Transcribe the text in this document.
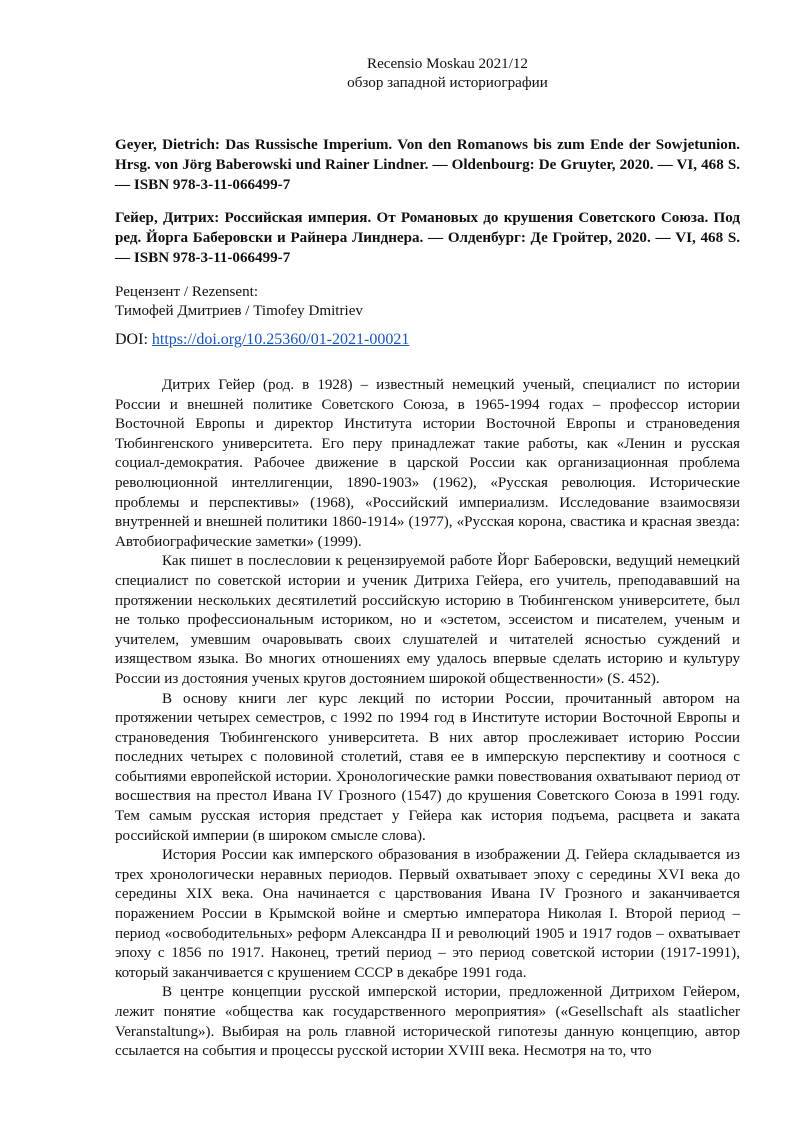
Recensio Moskau 2021/12
обзор западной историографии
Geyer, Dietrich: Das Russische Imperium. Von den Romanows bis zum Ende der Sowjetunion. Hrsg. von Jörg Baberowski und Rainer Lindner. — Oldenbourg: De Gruyter, 2020. — VI, 468 S. — ISBN 978-3-11-066499-7
Гейер, Дитрих: Российская империя. От Романовых до крушения Советского Союза. Под ред. Йорга Баберовски и Райнера Линднера. — Олденбург: Де Гройтер, 2020. — VI, 468 S. — ISBN 978-3-11-066499-7
Рецензент / Rezensent:
Тимофей Дмитриев / Timofey Dmitriev
DOI: https://doi.org/10.25360/01-2021-00021

Дитрих Гейер (род. в 1928) – известный немецкий ученый, специалист по истории России и внешней политике Советского Союза, в 1965-1994 годах – профессор истории Восточной Европы и директор Института истории Восточной Европы и страноведения Тюбингенского университета. Его перу принадлежат такие работы, как «Ленин и русская социал-демократия. Рабочее движение в царской России как организационная проблема революционной интеллигенции, 1890-1903» (1962), «Русская революция. Исторические проблемы и перспективы» (1968), «Российский империализм. Исследование взаимосвязи внутренней и внешней политики 1860-1914» (1977), «Русская корона, свастика и красная звезда: Автобиографические заметки» (1999).

Как пишет в послесловии к рецензируемой работе Йорг Баберовски, ведущий немецкий специалист по советской истории и ученик Дитриха Гейера, его учитель, преподававший на протяжении нескольких десятилетий российскую историю в Тюбингенском университете, был не только профессиональным историком, но и «эстетом, эссеистом и писателем, ученым и учителем, умевшим очаровывать своих слушателей и читателей ясностью суждений и изяществом языка. Во многих отношениях ему удалось впервые сделать историю и культуру России из достояния ученых кругов достоянием широкой общественности» (S. 452).

В основу книги лег курс лекций по истории России, прочитанный автором на протяжении четырех семестров, с 1992 по 1994 год в Институте истории Восточной Европы и страноведения Тюбингенского университета. В них автор прослеживает историю России последних четырех с половиной столетий, ставя ее в имперскую перспективу и соотнося с событиями европейской истории. Хронологические рамки повествования охватывают период от восшествия на престол Ивана IV Грозного (1547) до крушения Советского Союза в 1991 году. Тем самым русская история предстает у Гейера как история подъема, расцвета и заката российской империи (в широком смысле слова).

История России как имперского образования в изображении Д. Гейера складывается из трех хронологически неравных периодов. Первый охватывает эпоху с середины XVI века до середины XIX века. Она начинается с царствования Ивана IV Грозного и заканчивается поражением России в Крымской войне и смертью императора Николая I. Второй период – период «освободительных» реформ Александра II и революций 1905 и 1917 годов – охватывает эпоху с 1856 по 1917. Наконец, третий период – это период советской истории (1917-1991), который заканчивается с крушением СССР в декабре 1991 года.

В центре концепции русской имперской истории, предложенной Дитрихом Гейером, лежит понятие «общества как государственного мероприятия» («Gesellschaft als staatlicher Veranstaltung»). Выбирая на роль главной исторической гипотезы данную концепцию, автор ссылается на события и процессы русской истории XVIII века. Несмотря на то, что
